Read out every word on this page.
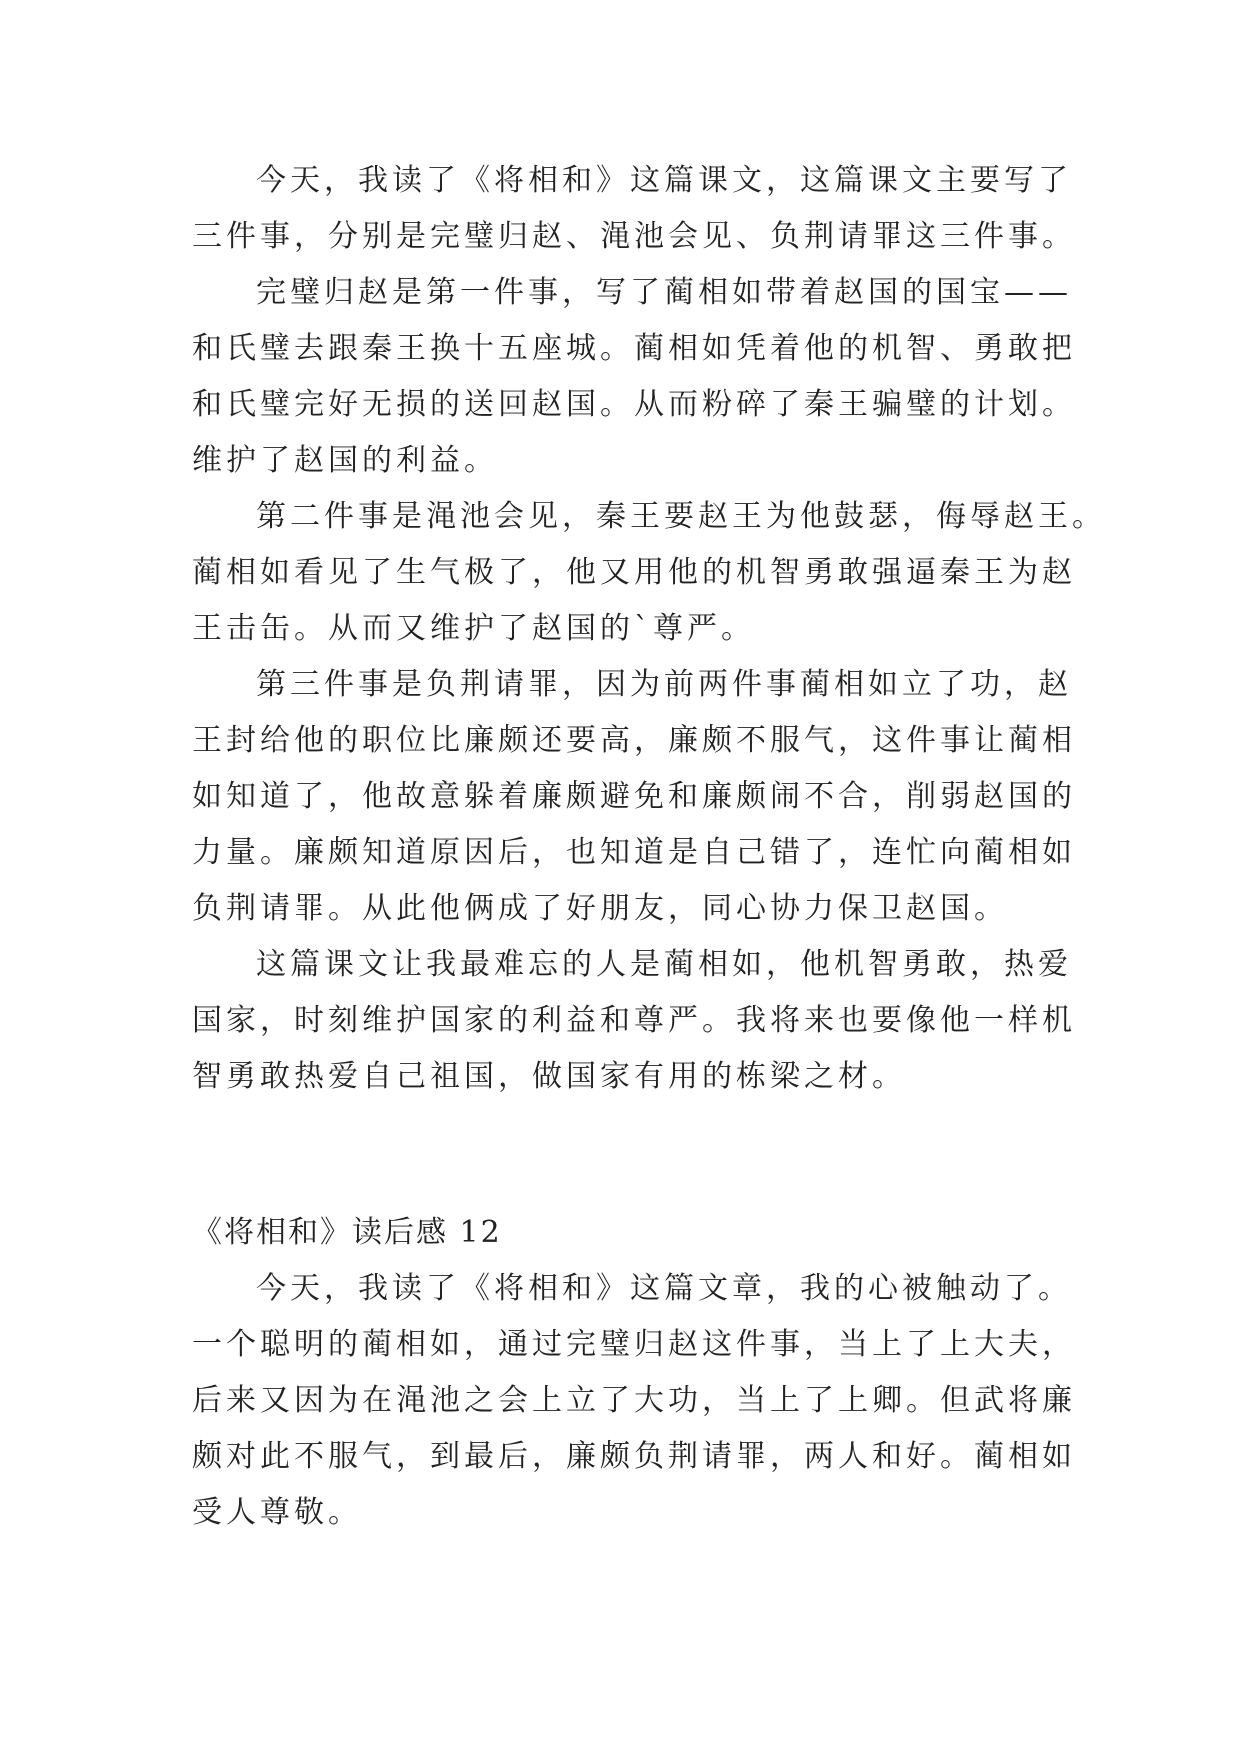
今天，我读了《将相和》这篇课文，这篇课文主要写了
三件事，分别是完璧归赵、渑池会见、负荆请罪这三件事。
完璧归赵是第一件事，写了蔺相如带着赵国的国宝——
和氏璧去跟秦王换十五座城。蔺相如凭着他的机智、勇敢把
和氏璧完好无损的送回赵国。从而粉碎了秦王骗璧的计划。
维护了赵国的利益。
第二件事是渑池会见，秦王要赵王为他鼓瑟，侮辱赵王。
蔺相如看见了生气极了，他又用他的机智勇敢强逼秦王为赵
王击缶。从而又维护了赵国的`尊严。
第三件事是负荆请罪，因为前两件事蔺相如立了功，赵
王封给他的职位比廉颇还要高，廉颇不服气，这件事让蔺相
如知道了，他故意躲着廉颇避免和廉颇闹不合，削弱赵国的
力量。廉颇知道原因后，也知道是自己错了，连忙向蔺相如
负荆请罪。从此他俩成了好朋友，同心协力保卫赵国。
这篇课文让我最难忘的人是蔺相如，他机智勇敢，热爱
国家，时刻维护国家的利益和尊严。我将来也要像他一样机
智勇敢热爱自己祖国，做国家有用的栋梁之材。
《将相和》读后感 12
今天，我读了《将相和》这篇文章，我的心被触动了。
一个聪明的蔺相如，通过完璧归赵这件事，当上了上大夫，
后来又因为在渑池之会上立了大功，当上了上卿。但武将廉
颇对此不服气，到最后，廉颇负荆请罪，两人和好。蔺相如
受人尊敬。
